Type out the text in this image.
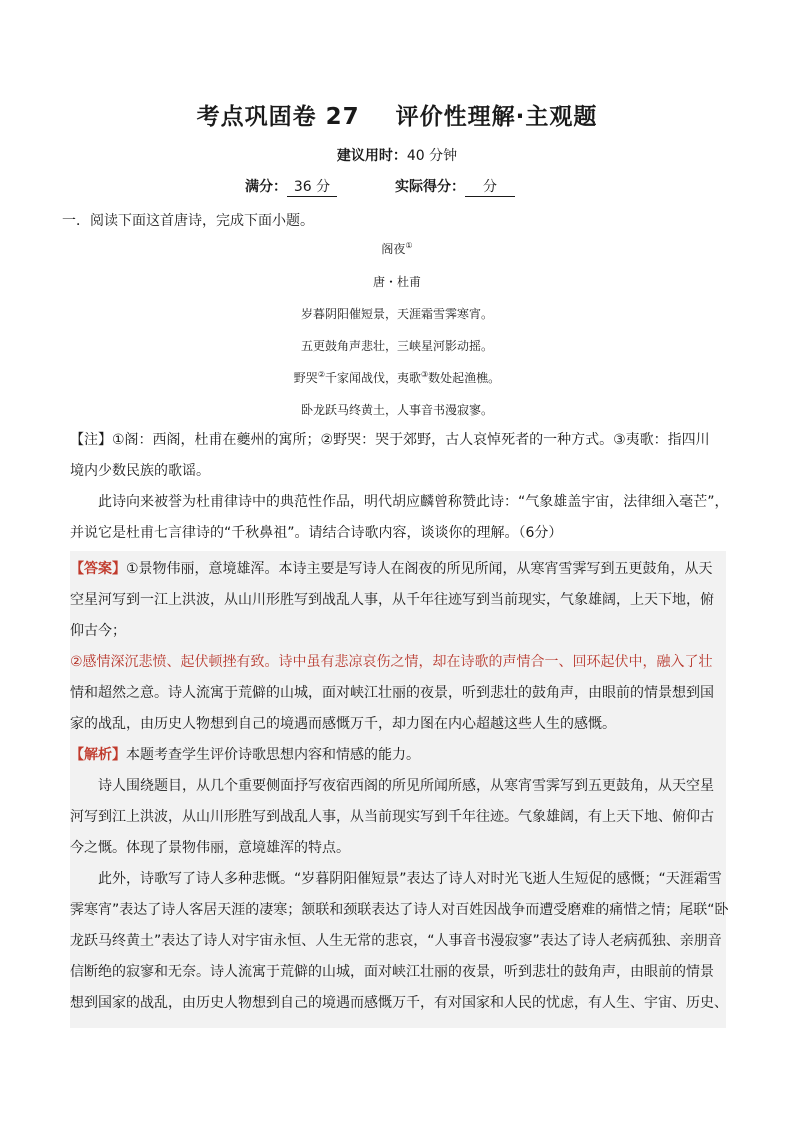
考点巩固卷 27 评价性理解·主观题
建议用时：40 分钟
满分： 36 分	实际得分： 分
一．阅读下面这首唐诗，完成下面小题。
阁夜①
唐・杜甫
岁暮阴阳催短景，天涯霜雪霁寒宵。
五更鼓角声悲壮，三峡星河影动摇。
野哭②千家闻战伐，夷歌③数处起渔樵。
卧龙跃马终黄土，人事音书漫寂寥。

【注】①阁：西阁，杜甫在夔州的寓所；②野哭：哭于郊野，古人哀悼死者的一种方式。③夷歌：指四川

境内少数民族的歌谣。

此诗向来被誉为杜甫律诗中的典范性作品，明代胡应麟曾称赞此诗：“气象雄盖宇宙，法律细入毫芒”，

并说它是杜甫七言律诗的“千秋鼻祖”。请结合诗歌内容，谈谈你的理解。（6分）

【答案】①景物伟丽，意境雄浑。本诗主要是写诗人在阁夜的所见所闻，从寒宵雪霁写到五更鼓角，从天

空星河写到一江上洪波，从山川形胜写到战乱人事，从千年往迹写到当前现实，气象雄阔，上天下地，俯

仰古今；

②感情深沉悲愤、起伏顿挫有致。诗中虽有悲凉哀伤之情，却在诗歌的声情合一、回环起伏中，融入了壮

情和超然之意。诗人流寓于荒僻的山城，面对峡江壮丽的夜景，听到悲壮的鼓角声，由眼前的情景想到国

家的战乱，由历史人物想到自己的境遇而感慨万千，却力图在内心超越这些人生的感慨。

【解析】本题考查学生评价诗歌思想内容和情感的能力。

诗人围绕题目，从几个重要侧面抒写夜宿西阁的所见所闻所感，从寒宵雪霁写到五更鼓角，从天空星

河写到江上洪波，从山川形胜写到战乱人事，从当前现实写到千年往迹。气象雄阔，有上天下地、俯仰古

今之慨。体现了景物伟丽，意境雄浑的特点。

此外，诗歌写了诗人多种悲慨。“岁暮阴阳催短景”表达了诗人对时光飞逝人生短促的感慨；“天涯霜雪

霁寒宵”表达了诗人客居天涯的凄寒；颔联和颈联表达了诗人对百姓因战争而遭受磨难的痛惜之情；尾联“卧

龙跃马终黄土”表达了诗人对宇宙永恒、人生无常的悲哀，“人事音书漫寂寥”表达了诗人老病孤独、亲朋音

信断绝的寂寥和无奈。诗人流寓于荒僻的山城，面对峡江壮丽的夜景，听到悲壮的鼓角声，由眼前的情景

想到国家的战乱，由历史人物想到自己的境遇而感慨万千，有对国家和人民的忧虑，有人生、宇宙、历史、
